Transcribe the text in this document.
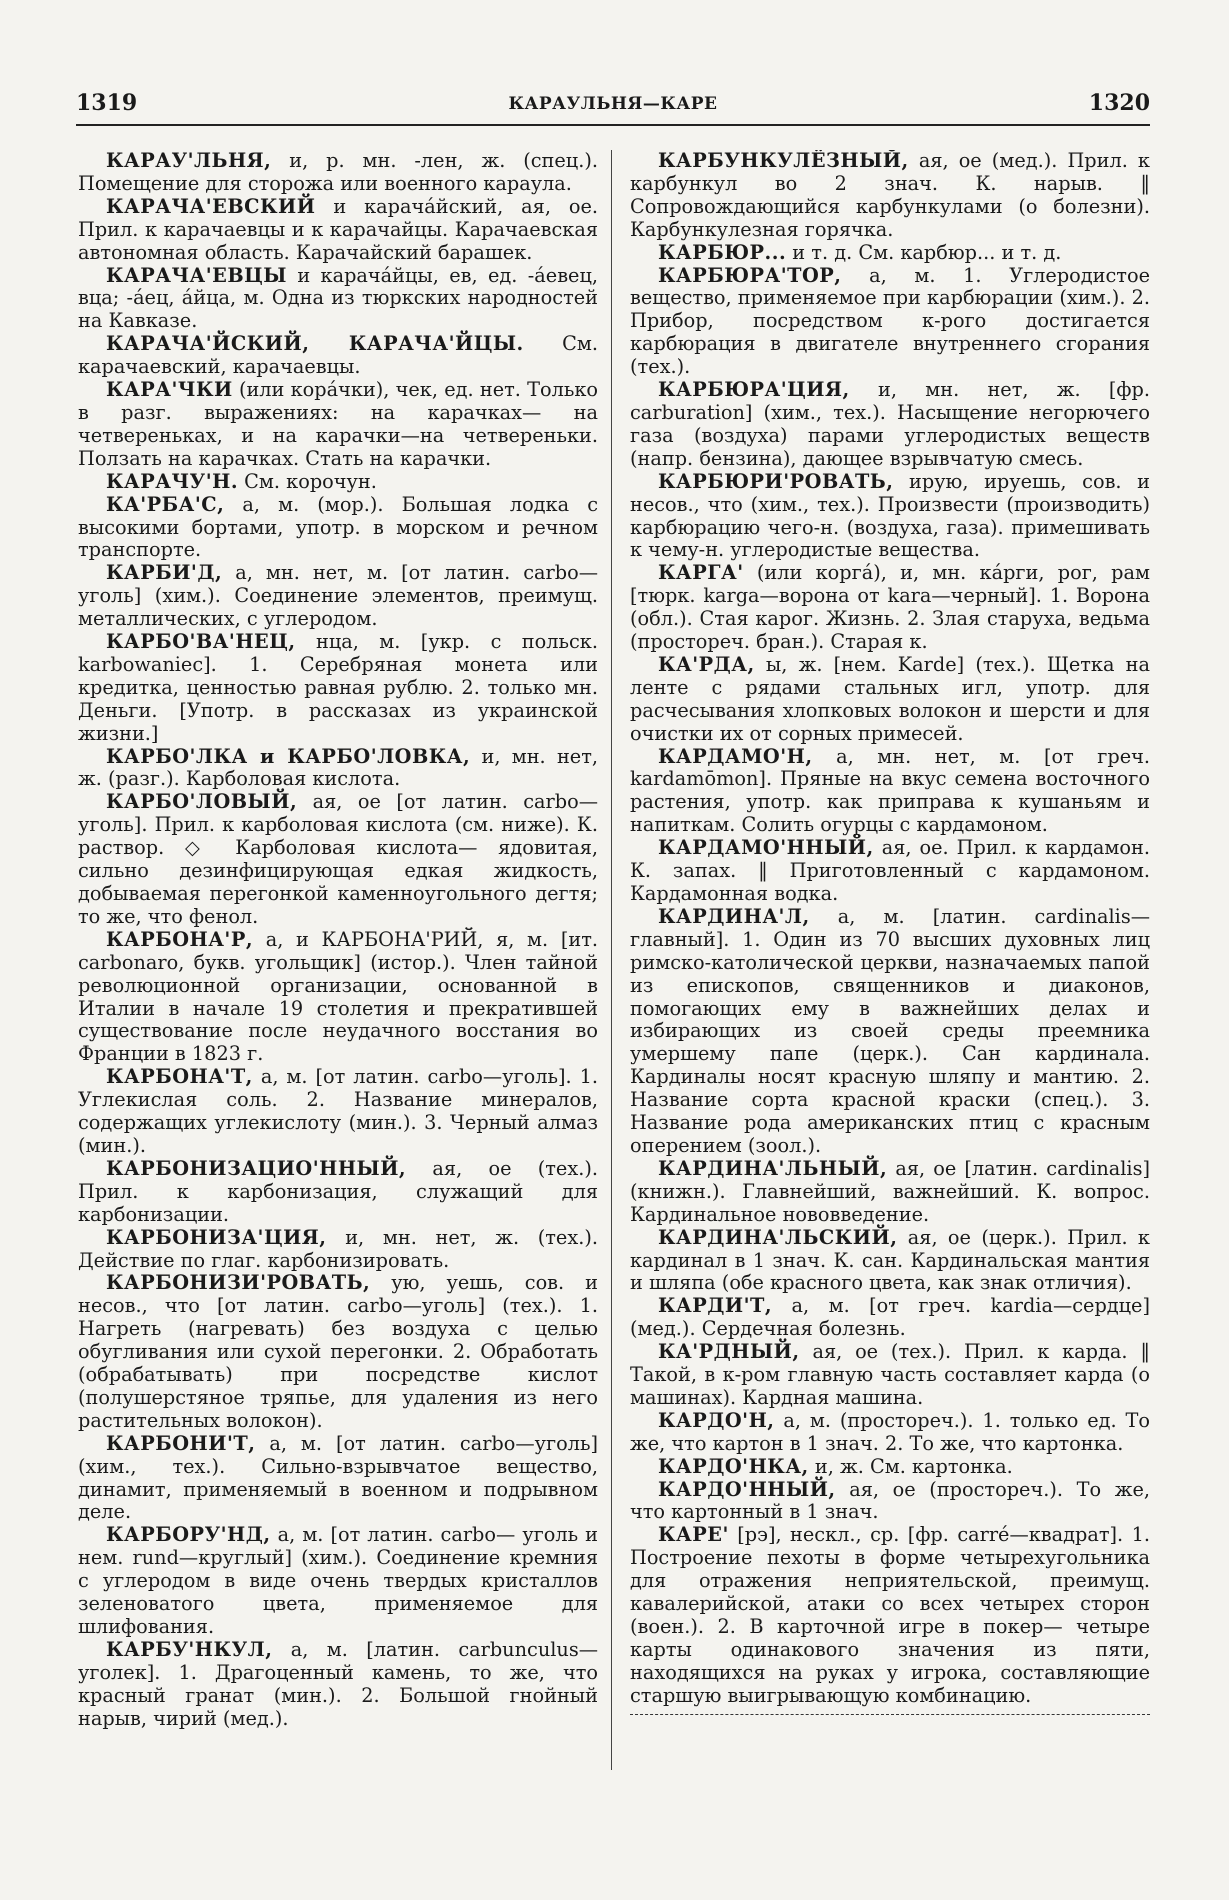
1319	КАРАУЛЬНЯ—КАРЕ	1320

КАРАУ'ЛЬНЯ, и, р. мн. -лен, ж. (спец.). Помещение для сторожа или военного караула.

КАРАЧА'ЕВСКИЙ и карачáйский, ая, ое. Прил. к карачаевцы и к карачайцы. Карачаевская автономная область. Карачайский барашек.

КАРАЧА'ЕВЦЫ и карачáйцы, ев, ед. -áевец, вца; -áец, áйца, м. Одна из тюркских народностей на Кавказе.

КАРАЧА'ЙСКИЙ, КАРАЧА'ЙЦЫ. См. карачаевский, карачаевцы.

КАРА'ЧКИ (или корáчки), чек, ед. нет. Только в разг. выражениях: на карачках— на четвереньках, и на карачки—на четвереньки. Ползать на карачках. Стать на карачки.

КАРАЧУ'Н. См. корочун.

КА'РБА'С, а, м. (мор.). Большая лодка с высокими бортами, употр. в морском и речном транспорте.

КАРБИ'Д, а, мн. нет, м. [от латин. carbo— уголь] (хим.). Соединение элементов, преимущ. металлических, с углеродом.

КАРБО'ВА'НЕЦ, нца, м. [укр. с польск. karbowaniec]. 1. Серебряная монета или кредитка, ценностью равная рублю. 2. только мн. Деньги. [Употр. в рассказах из украинской жизни.]

КАРБО'ЛКА и КАРБО'ЛОВКА, и, мн. нет, ж. (разг.). Карболовая кислота.

КАРБО'ЛОВЫЙ, ая, ое [от латин. carbo— уголь]. Прил. к карболовая кислота (см. ниже). К. раствор. ◇ Карболовая кислота— ядовитая, сильно дезинфицирующая едкая жидкость, добываемая перегонкой каменноугольного дегтя; то же, что фенол.

КАРБОНА'Р, а, и КАРБОНА'РИЙ, я, м. [ит. carbonaro, букв. угольщик] (истор.). Член тайной революционной организации, основанной в Италии в начале 19 столетия и прекратившей существование после неудачного восстания во Франции в 1823 г.

КАРБОНА'Т, а, м. [от латин. carbo—уголь]. 1. Углекислая соль. 2. Название минералов, содержащих углекислоту (мин.). 3. Черный алмаз (мин.).

КАРБОНИЗАЦИО'ННЫЙ, ая, ое (тех.). Прил. к карбонизация, служащий для карбонизации.

КАРБОНИЗА'ЦИЯ, и, мн. нет, ж. (тех.). Действие по глаг. карбонизировать.

КАРБОНИЗИ'РОВАТЬ, ую, уешь, сов. и несов., что [от латин. carbo—уголь] (тех.). 1. Нагреть (нагревать) без воздуха с целью обугливания или сухой перегонки. 2. Обработать (обрабатывать) при посредстве кислот (полушерстяное тряпье, для удаления из него растительных волокон).

КАРБОНИ'Т, а, м. [от латин. carbo—уголь] (хим., тех.). Сильно-взрывчатое вещество, динамит, применяемый в военном и подрывном деле.

КАРБОРУ'НД, а, м. [от латин. carbo— уголь и нем. rund—круглый] (хим.). Соединение кремния с углеродом в виде очень твердых кристаллов зеленоватого цвета, применяемое для шлифования.

КАРБУ'НКУЛ, а, м. [латин. carbunculus—уголек]. 1. Драгоценный камень, то же, что красный гранат (мин.). 2. Большой гнойный нарыв, чирий (мед.).

КАРБУНКУЛЁЗНЫЙ, ая, ое (мед.). Прил. к карбункул во 2 знач. К. нарыв. ‖ Сопровождающийся карбункулами (о болезни). Карбункулезная горячка.

КАРБЮР... и т. д. См. карбюр... и т. д.

КАРБЮРА'ТОР, а, м. 1. Углеродистое вещество, применяемое при карбюрации (хим.). 2. Прибор, посредством к-рого достигается карбюрация в двигателе внутреннего сгорания (тех.).

КАРБЮРА'ЦИЯ, и, мн. нет, ж. [фр. carburation] (хим., тех.). Насыщение негорючего газа (воздуха) парами углеродистых веществ (напр. бензина), дающее взрывчатую смесь.

КАРБЮРИ'РОВАТЬ, ирую, ируешь, сов. и несов., что (хим., тех.). Произвести (производить) карбюрацию чего-н. (воздуха, газа). примешивать к чему-н. углеродистые вещества.

КАРГА' (или коргá), и, мн. кáрги, рог, рам [тюрк. karga—ворона от kara—черный]. 1. Ворона (обл.). Стая карог. Жизнь. 2. Злая старуха, ведьма (простореч. бран.). Старая к.

КА'РДА, ы, ж. [нем. Karde] (тех.). Щетка на ленте с рядами стальных игл, употр. для расчесывания хлопковых волокон и шерсти и для очистки их от сорных примесей.

КАРДАМО'Н, а, мн. нет, м. [от греч. kardamōmon]. Пряные на вкус семена восточного растения, употр. как приправа к кушаньям и напиткам. Солить огурцы с кардамоном.

КАРДАМО'ННЫЙ, ая, ое. Прил. к кардамон. К. запах. ‖ Приготовленный с кардамоном. Кардамонная водка.

КАРДИНА'Л, а, м. [латин. cardinalis— главный]. 1. Один из 70 высших духовных лиц римско-католической церкви, назначаемых папой из епископов, священников и диаконов, помогающих ему в важнейших делах и избирающих из своей среды преемника умершему папе (церк.). Сан кардинала. Кардиналы носят красную шляпу и мантию. 2. Название сорта красной краски (спец.). 3. Название рода американских птиц с красным оперением (зоол.).

КАРДИНА'ЛЬНЫЙ, ая, ое [латин. cardinalis] (книжн.). Главнейший, важнейший. К. вопрос. Кардинальное нововведение.

КАРДИНА'ЛЬСКИЙ, ая, ое (церк.). Прил. к кардинал в 1 знач. К. сан. Кардинальская мантия и шляпа (обе красного цвета, как знак отличия).

КАРДИ'Т, а, м. [от греч. kardia—сердце] (мед.). Сердечная болезнь.

КА'РДНЫЙ, ая, ое (тех.). Прил. к карда. ‖ Такой, в к-ром главную часть составляет карда (о машинах). Кардная машина.

КАРДО'Н, а, м. (простореч.). 1. только ед. То же, что картон в 1 знач. 2. То же, что картонка.

КАРДО'НКА, и, ж. См. картонка.

КАРДО'ННЫЙ, ая, ое (простореч.). То же, что картонный в 1 знач.

КАРЕ' [рэ], нескл., ср. [фр. carré—квадрат]. 1. Построение пехоты в форме четырехугольника для отражения неприятельской, преимущ. кавалерийской, атаки со всех четырех сторон (воен.). 2. В карточной игре в покер— четыре карты одинакового значения из пяти, находящихся на руках у игрока, составляющие старшую выигрывающую комбинацию.
